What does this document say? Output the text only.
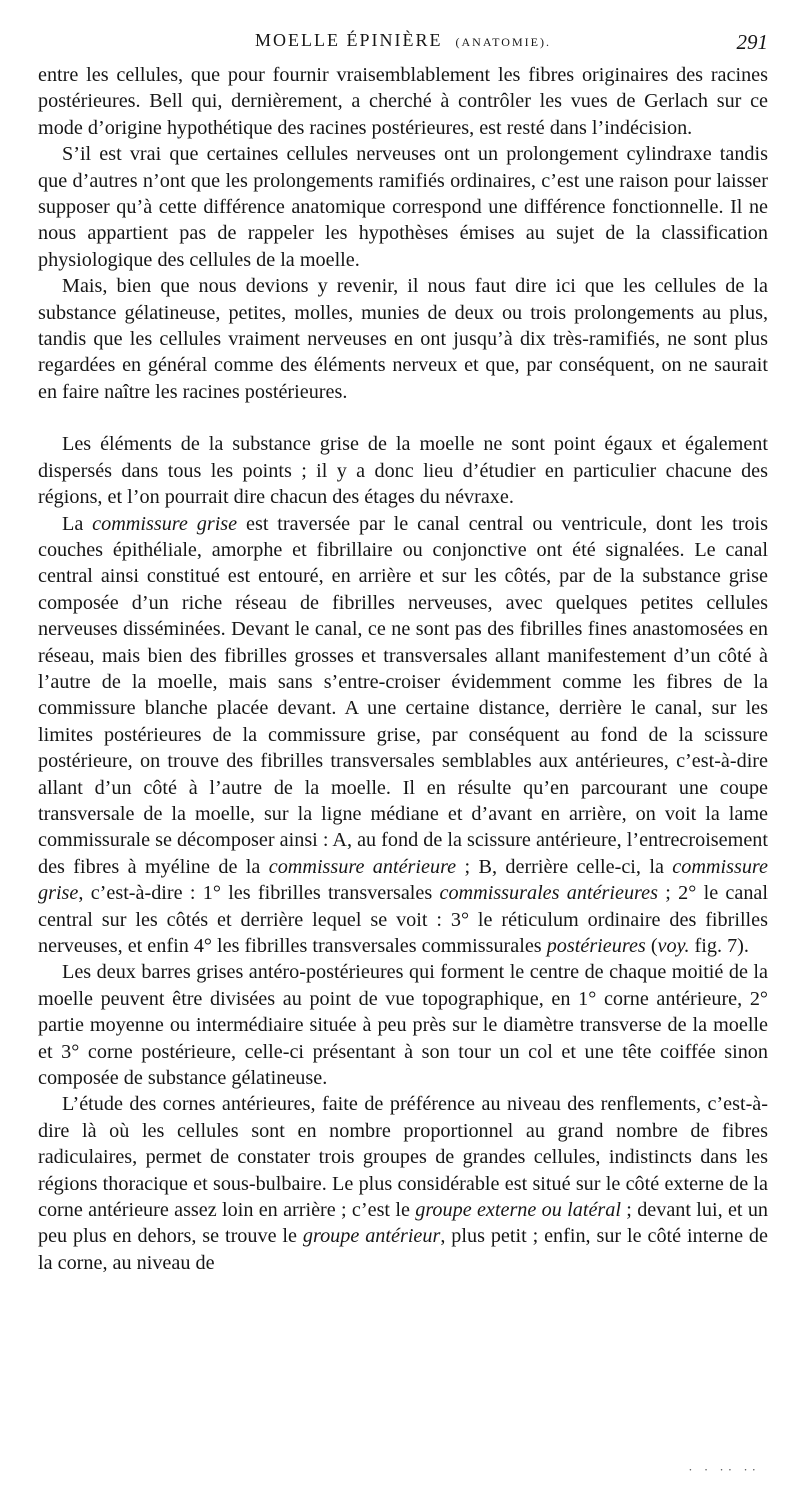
MOELLE ÉPINIÈRE (ANATOMIE).	291

entre les cellules, que pour fournir vraisemblablement les fibres originaires des racines postérieures. Bell qui, dernièrement, a cherché à contrôler les vues de Gerlach sur ce mode d’origine hypothétique des racines postérieures, est resté dans l’indécision.

S’il est vrai que certaines cellules nerveuses ont un prolongement cylindraxe tandis que d’autres n’ont que les prolongements ramifiés ordinaires, c’est une raison pour laisser supposer qu’à cette différence anatomique correspond une différence fonctionnelle. Il ne nous appartient pas de rappeler les hypothèses émises au sujet de la classification physiologique des cellules de la moelle.

Mais, bien que nous devions y revenir, il nous faut dire ici que les cellules de la substance gélatineuse, petites, molles, munies de deux ou trois prolongements au plus, tandis que les cellules vraiment nerveuses en ont jusqu’à dix très-ramifiés, ne sont plus regardées en général comme des éléments nerveux et que, par conséquent, on ne saurait en faire naître les racines postérieures.

Les éléments de la substance grise de la moelle ne sont point égaux et également dispersés dans tous les points ; il y a donc lieu d’étudier en particulier chacune des régions, et l’on pourrait dire chacun des étages du névraxe.

La commissure grise est traversée par le canal central ou ventricule, dont les trois couches épithéliale, amorphe et fibrillaire ou conjonctive ont été signalées. Le canal central ainsi constitué est entouré, en arrière et sur les côtés, par de la substance grise composée d’un riche réseau de fibrilles nerveuses, avec quelques petites cellules nerveuses disséminées. Devant le canal, ce ne sont pas des fibrilles fines anastomosées en réseau, mais bien des fibrilles grosses et transversales allant manifestement d’un côté à l’autre de la moelle, mais sans s’entre-croiser évidemment comme les fibres de la commissure blanche placée devant. A une certaine distance, derrière le canal, sur les limites postérieures de la commissure grise, par conséquent au fond de la scissure postérieure, on trouve des fibrilles transversales semblables aux antérieures, c’est-à-dire allant d’un côté à l’autre de la moelle. Il en résulte qu’en parcourant une coupe transversale de la moelle, sur la ligne médiane et d’avant en arrière, on voit la lame commissurale se décomposer ainsi : A, au fond de la scissure antérieure, l’entrecroisement des fibres à myéline de la commissure antérieure ; B, derrière celle-ci, la commissure grise, c’est-à-dire : 1° les fibrilles transversales commissurales antérieures ; 2° le canal central sur les côtés et derrière lequel se voit : 3° le réticulum ordinaire des fibrilles nerveuses, et enfin 4° les fibrilles transversales commissurales postérieures (voy. fig. 7).

Les deux barres grises antéro-postérieures qui forment le centre de chaque moitié de la moelle peuvent être divisées au point de vue topographique, en 1° corne antérieure, 2° partie moyenne ou intermédiaire située à peu près sur le diamètre transverse de la moelle et 3° corne postérieure, celle-ci présentant à son tour un col et une tête coiffée sinon composée de substance gélatineuse.

L’étude des cornes antérieures, faite de préférence au niveau des renflements, c’est-à-dire là où les cellules sont en nombre proportionnel au grand nombre de fibres radiculaires, permet de constater trois groupes de grandes cellules, indistincts dans les régions thoracique et sous-bulbaire. Le plus considérable est situé sur le côté externe de la corne antérieure assez loin en arrière ; c’est le groupe externe ou latéral ; devant lui, et un peu plus en dehors, se trouve le groupe antérieur, plus petit ; enfin, sur le côté interne de la corne, au niveau de

· · ·· ··
